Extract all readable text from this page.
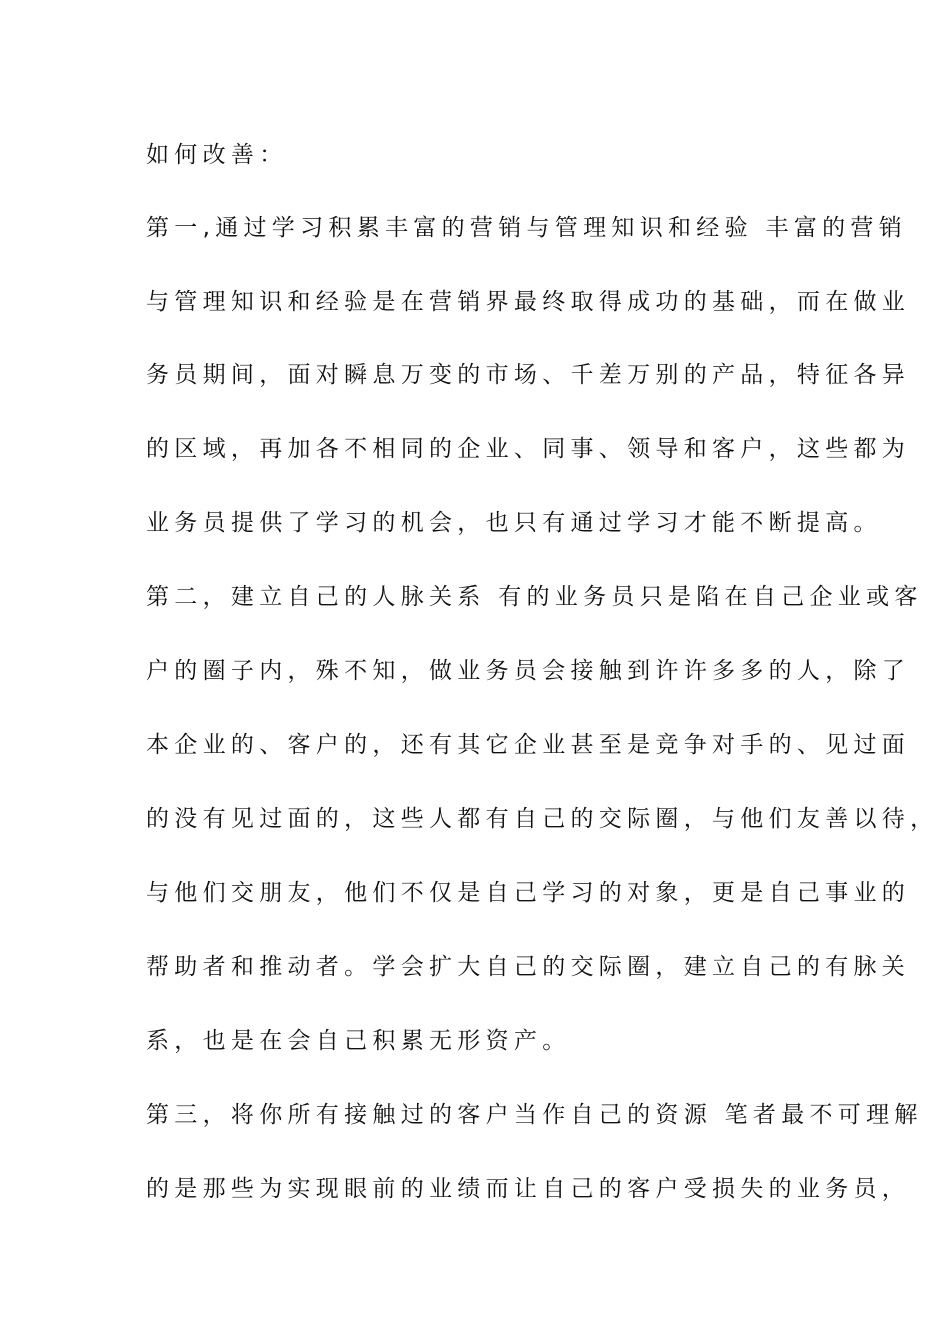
如何改善：
第一,通过学习积累丰富的营销与管理知识和经验 丰富的营销
与管理知识和经验是在营销界最终取得成功的基础，而在做业
务员期间，面对瞬息万变的市场、千差万别的产品，特征各异
的区域，再加各不相同的企业、同事、领导和客户，这些都为
业务员提供了学习的机会，也只有通过学习才能不断提高。
第二，建立自己的人脉关系 有的业务员只是陷在自己企业或客
户的圈子内，殊不知，做业务员会接触到许许多多的人，除了
本企业的、客户的，还有其它企业甚至是竞争对手的、见过面
的没有见过面的，这些人都有自己的交际圈，与他们友善以待，
与他们交朋友，他们不仅是自己学习的对象，更是自己事业的
帮助者和推动者。学会扩大自己的交际圈，建立自己的有脉关
系，也是在会自己积累无形资产。
第三，将你所有接触过的客户当作自己的资源 笔者最不可理解
的是那些为实现眼前的业绩而让自己的客户受损失的业务员，
